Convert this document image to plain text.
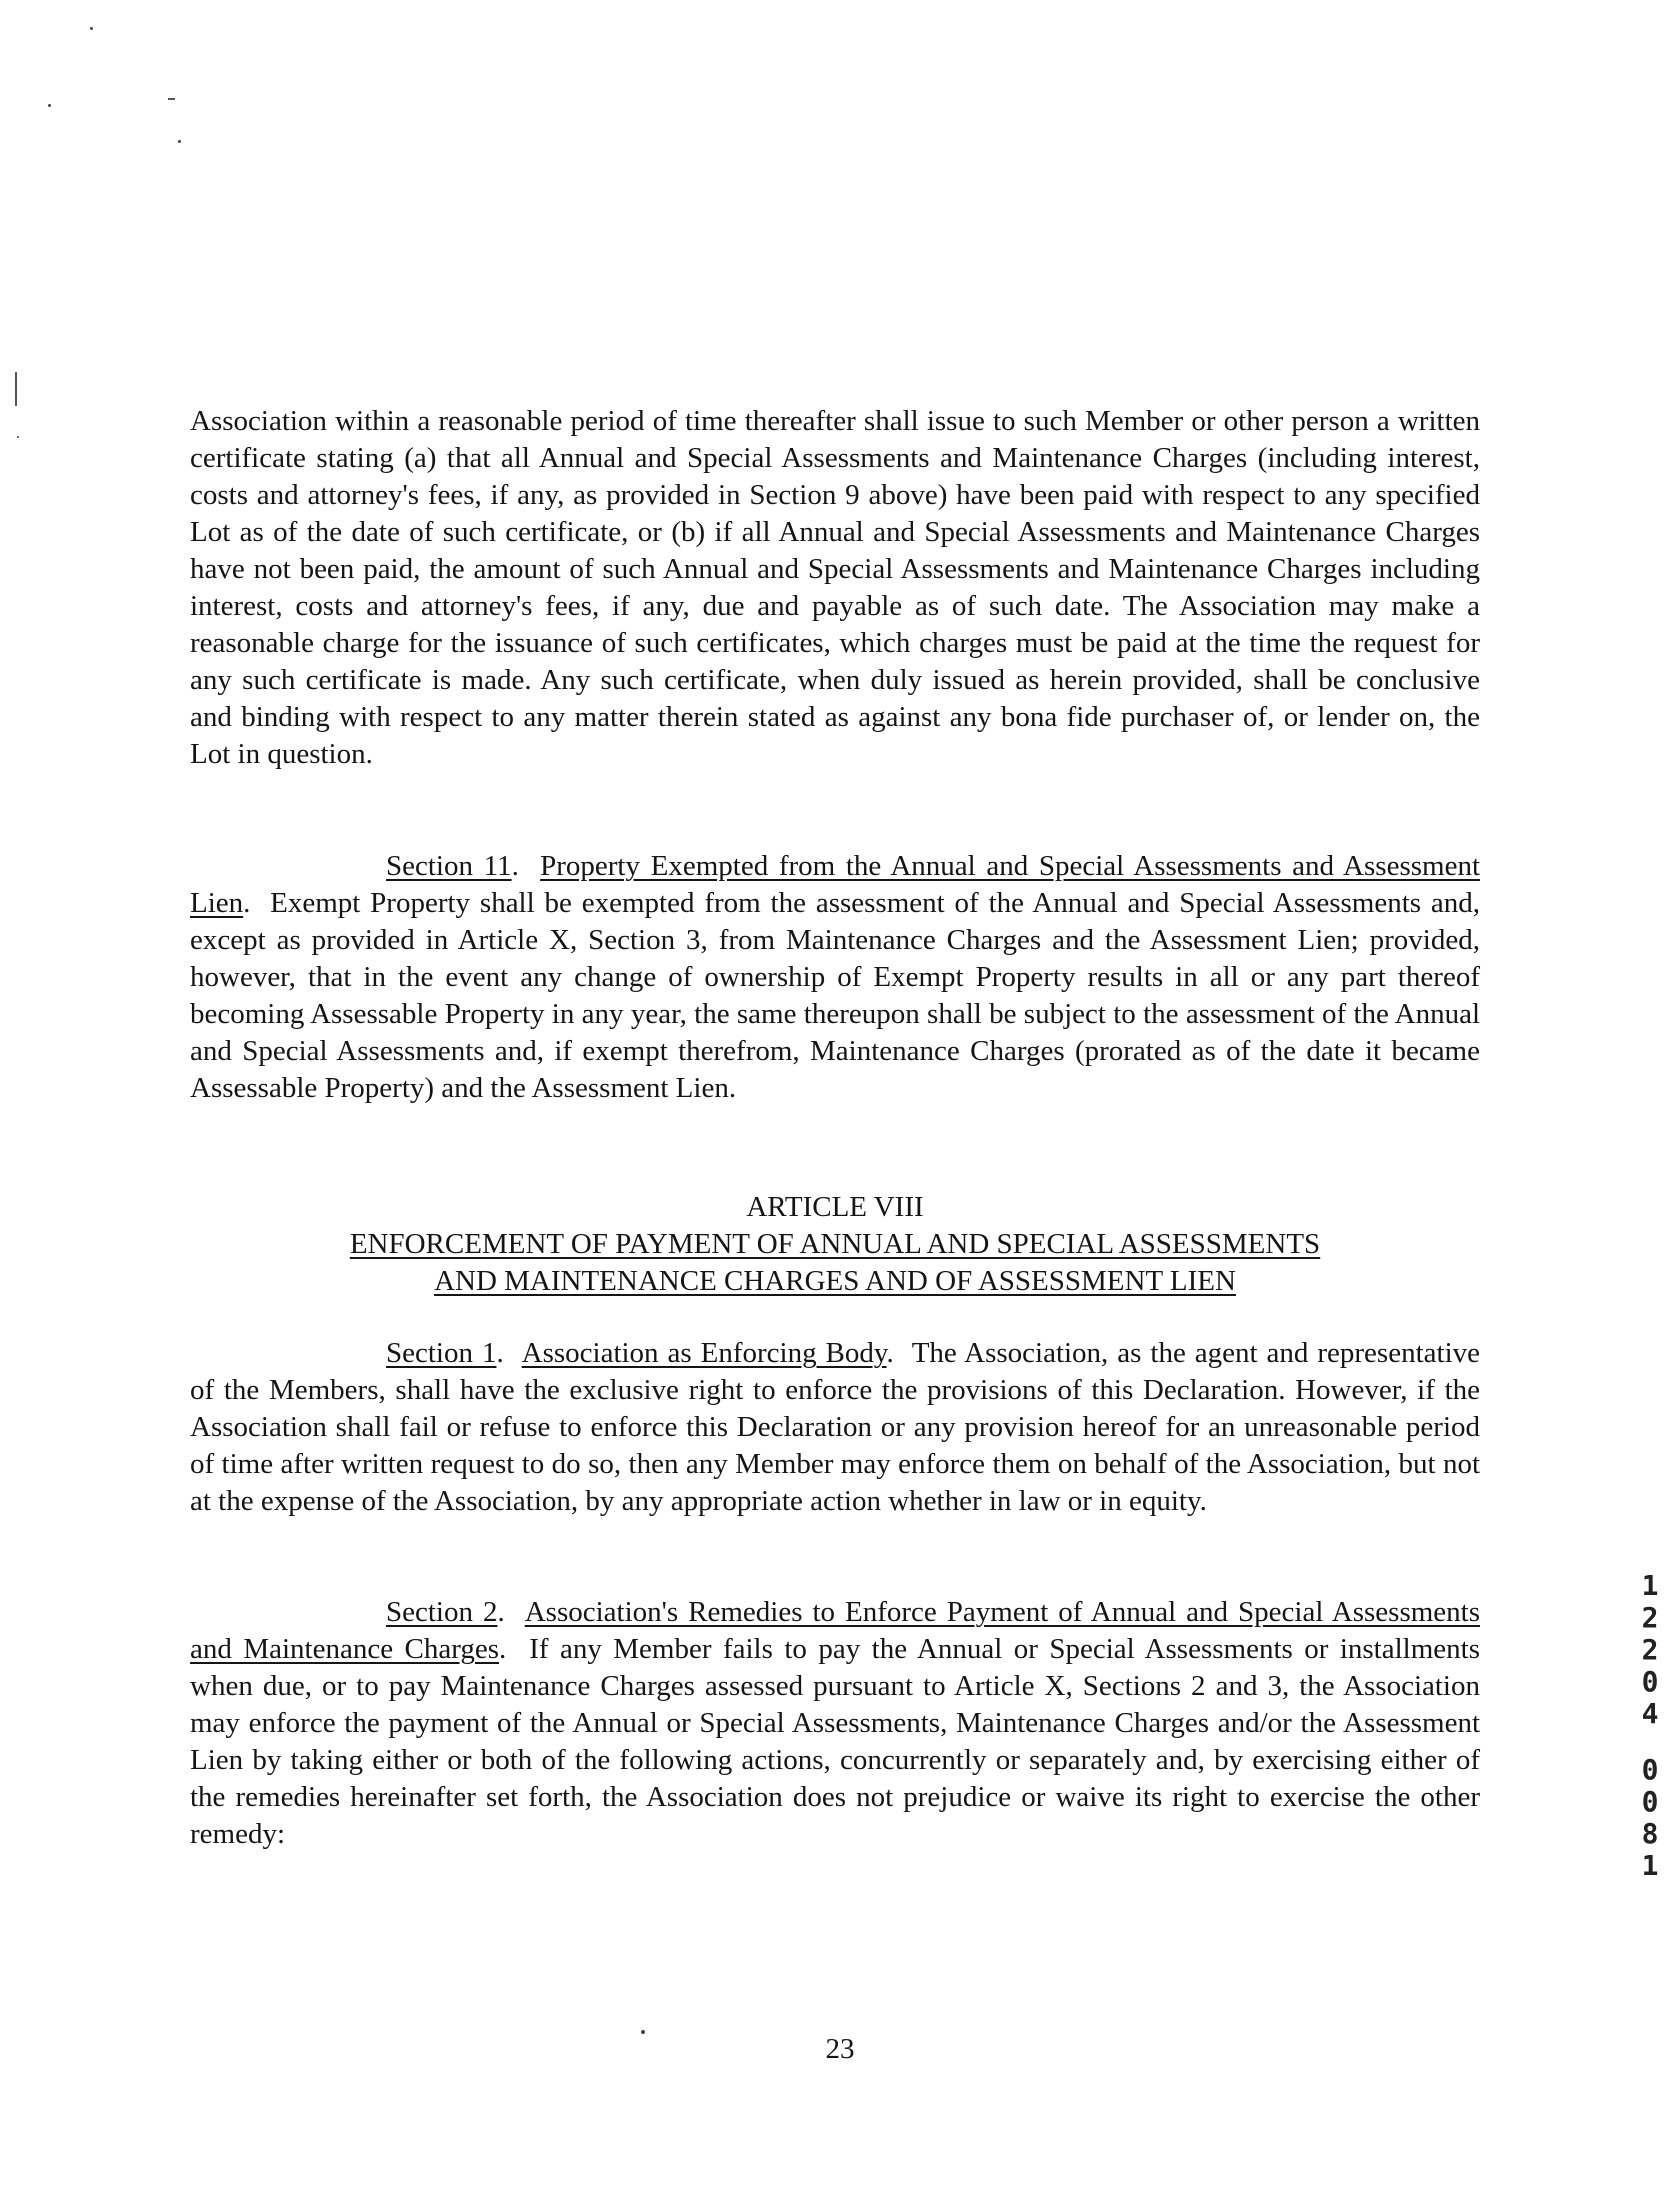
Association within a reasonable period of time thereafter shall issue to such Member or other person a written certificate stating (a) that all Annual and Special Assessments and Maintenance Charges (including interest, costs and attorney's fees, if any, as provided in Section 9 above) have been paid with respect to any specified Lot as of the date of such certificate, or (b) if all Annual and Special Assessments and Maintenance Charges have not been paid, the amount of such Annual and Special Assessments and Maintenance Charges including interest, costs and attorney's fees, if any, due and payable as of such date. The Association may make a reasonable charge for the issuance of such certificates, which charges must be paid at the time the request for any such certificate is made. Any such certificate, when duly issued as herein provided, shall be conclusive and binding with respect to any matter therein stated as against any bona fide purchaser of, or lender on, the Lot in question.

Section 11.  Property Exempted from the Annual and Special Assessments and Assessment Lien.  Exempt Property shall be exempted from the assessment of the Annual and Special Assessments and, except as provided in Article X, Section 3, from Maintenance Charges and the Assessment Lien; provided, however, that in the event any change of ownership of Exempt Property results in all or any part thereof becoming Assessable Property in any year, the same thereupon shall be subject to the assessment of the Annual and Special Assessments and, if exempt therefrom, Maintenance Charges (prorated as of the date it became Assessable Property) and the Assessment Lien.

ARTICLE VIII
ENFORCEMENT OF PAYMENT OF ANNUAL AND SPECIAL ASSESSMENTS
AND MAINTENANCE CHARGES AND OF ASSESSMENT LIEN

Section 1.  Association as Enforcing Body.  The Association, as the agent and representative of the Members, shall have the exclusive right to enforce the provisions of this Declaration. However, if the Association shall fail or refuse to enforce this Declaration or any provision hereof for an unreasonable period of time after written request to do so, then any Member may enforce them on behalf of the Association, but not at the expense of the Association, by any appropriate action whether in law or in equity.

Section 2.  Association's Remedies to Enforce Payment of Annual and Special Assessments and Maintenance Charges.  If any Member fails to pay the Annual or Special Assessments or installments when due, or to pay Maintenance Charges assessed pursuant to Article X, Sections 2 and 3, the Association may enforce the payment of the Annual or Special Assessments, Maintenance Charges and/or the Assessment Lien by taking either or both of the following actions, concurrently or separately and, by exercising either of the remedies hereinafter set forth, the Association does not prejudice or waive its right to exercise the other remedy:

1
2
2
0
4
0
0
8
1
23
